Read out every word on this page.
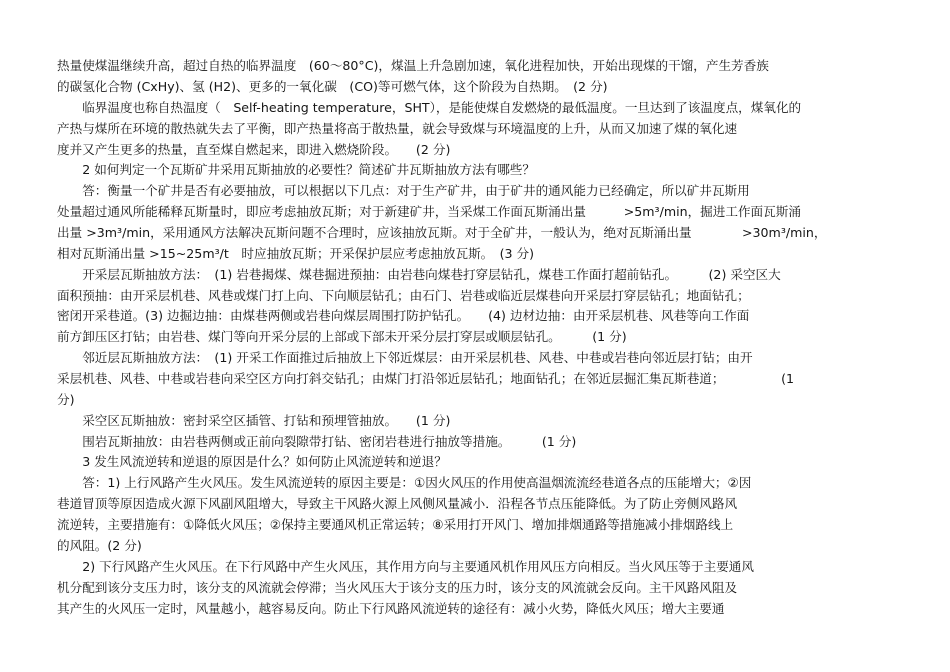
热量使煤温继续升高，超过自热的临界温度　(60～80°C)，煤温上升急剧加速，氧化进程加快，开始出现煤的干馏，产生芳香族

的碳氢化合物 (CxHy)、氢 (H2)、更多的一氧化碳　(CO)等可燃气体，这个阶段为自热期。　(2 分)

　　临界温度也称自热温度（　Self-heating temperature，SHT），是能使煤自发燃烧的最低温度。一旦达到了该温度点，煤氧化的

产热与煤所在环境的散热就失去了平衡，即产热量将高于散热量，就会导致煤与环境温度的上升，从而又加速了煤的氧化速

度并又产生更多的热量，直至煤自燃起来，即进入燃烧阶段。　　(2 分)

　　2 如何判定一个瓦斯矿井采用瓦斯抽放的必要性？简述矿井瓦斯抽放方法有哪些？

　　答：衡量一个矿井是否有必要抽放，可以根据以下几点：对于生产矿井，由于矿井的通风能力已经确定，所以矿井瓦斯用

处量超过通风所能稀释瓦斯量时，即应考虑抽放瓦斯；对于新建矿井，当采煤工作面瓦斯涌出量　　　>5m³/min，掘进工作面瓦斯涌

出量 >3m³/min，采用通风方法解决瓦斯问题不合理时，应该抽放瓦斯。对于全矿井，一般认为，绝对瓦斯涌出量　　　　>30m³/min，

相对瓦斯涌出量 >15~25m³/t　时应抽放瓦斯；开采保护层应考虑抽放瓦斯。　(3 分)

　　开采层瓦斯抽放方法：　(1) 岩巷揭煤、煤巷掘进预抽：由岩巷向煤巷打穿层钻孔，煤巷工作面打超前钻孔。　　　(2) 采空区大

面积预抽：由开采层机巷、风巷或煤门打上向、下向顺层钻孔；由石门、岩巷或临近层煤巷向开采层打穿层钻孔；地面钻孔；

密闭开采巷道。(3) 边掘边抽：由煤巷两侧或岩巷向煤层周围打防护钻孔。　　(4) 边材边抽：由开采层机巷、风巷等向工作面

前方卸压区打钻；由岩巷、煤门等向开采分层的上部或下部未开采分层打穿层或顺层钻孔。　　　(1 分)

　　邻近层瓦斯抽放方法：　(1) 开采工作面推过后抽放上下邻近煤层：由开采层机巷、风巷、中巷或岩巷向邻近层打钻；由开

采层机巷、风巷、中巷或岩巷向采空区方向打斜交钻孔；由煤门打沿邻近层钻孔；地面钻孔；在邻近层掘汇集瓦斯巷道；　　　　　(1

分)

　　采空区瓦斯抽放：密封采空区插管、打钻和预埋管抽放。　　(1 分)

　　围岩瓦斯抽放：由岩巷两侧或正前向裂隙带打钻、密闭岩巷进行抽放等措施。　　　(1 分)

　　3 发生风流逆转和逆退的原因是什么？如何防止风流逆转和逆退？

　　答：1) 上行风路产生火风压。发生风流逆转的原因主要是：①因火风压的作用使高温烟流流经巷道各点的压能增大；②因

巷道冒顶等原因造成火源下风副风阻增大，导致主干风路火源上风侧风量减小．沿程各节点压能降低。为了防止旁侧风路风

流逆转，主要措施有：①降低火风压；②保持主要通风机正常运转；⑧采用打开风门、增加排烟通路等措施减小排烟路线上

的风阻。(2 分)

　　2) 下行风路产生火风压。在下行风路中产生火风压，其作用方向与主要通风机作用风压方向相反。当火风压等于主要通风

机分配到该分支压力时，该分支的风流就会停滞；当火风压大于该分支的压力时，该分支的风流就会反向。主干风路风阻及

其产生的火风压一定时，风量越小，越容易反向。防止下行风路风流逆转的途径有：减小火势，降低火风压；增大主要通
